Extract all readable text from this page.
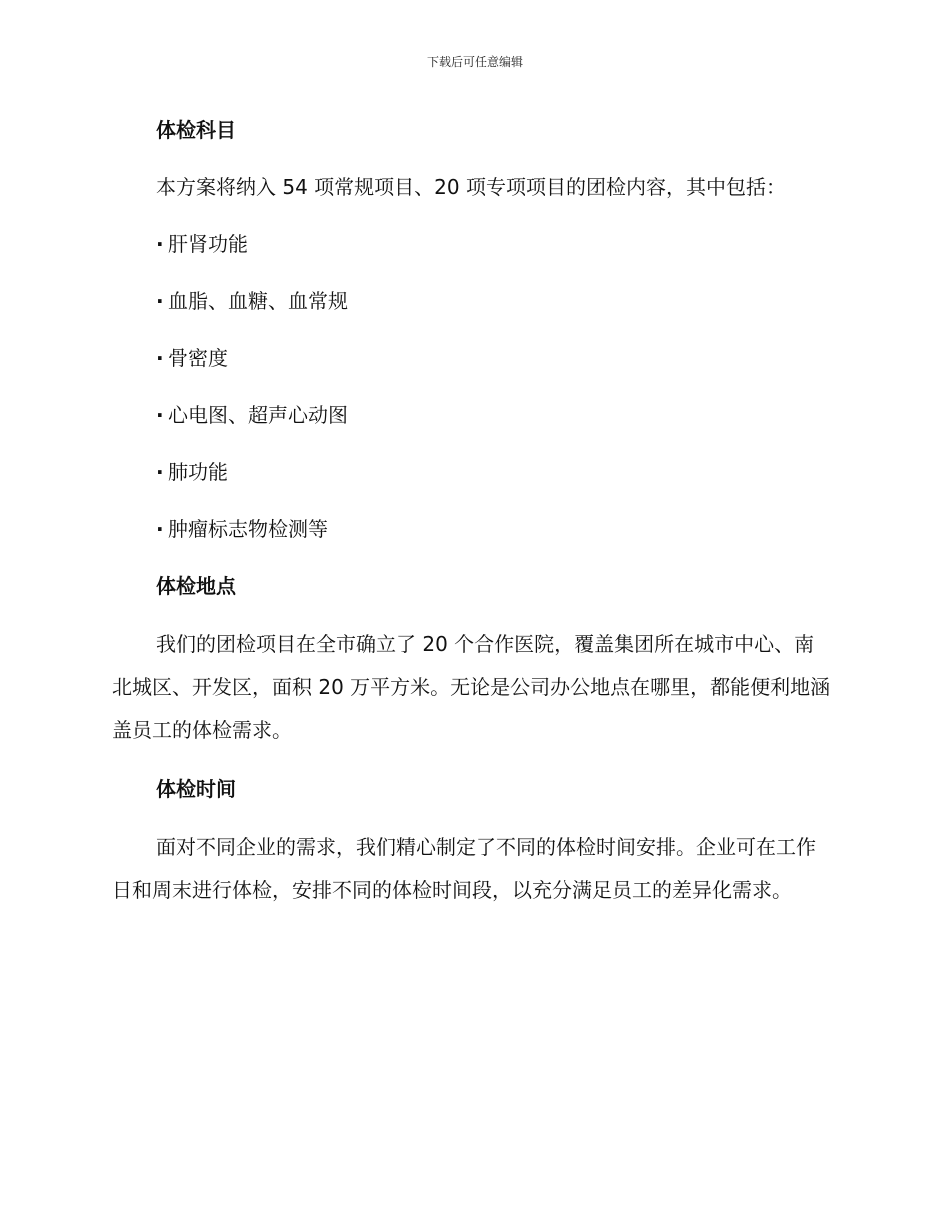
下载后可任意编辑
体检科目
本方案将纳入 54 项常规项目、20 项专项项目的团检内容，其中包括：
· 肝肾功能
· 血脂、血糖、血常规
· 骨密度
· 心电图、超声心动图
· 肺功能
· 肿瘤标志物检测等
体检地点
我们的团检项目在全市确立了 20 个合作医院，覆盖集团所在城市中心、南北城区、开发区，面积 20 万平方米。无论是公司办公地点在哪里，都能便利地涵盖员工的体检需求。
体检时间
面对不同企业的需求，我们精心制定了不同的体检时间安排。企业可在工作日和周末进行体检，安排不同的体检时间段，以充分满足员工的差异化需求。
